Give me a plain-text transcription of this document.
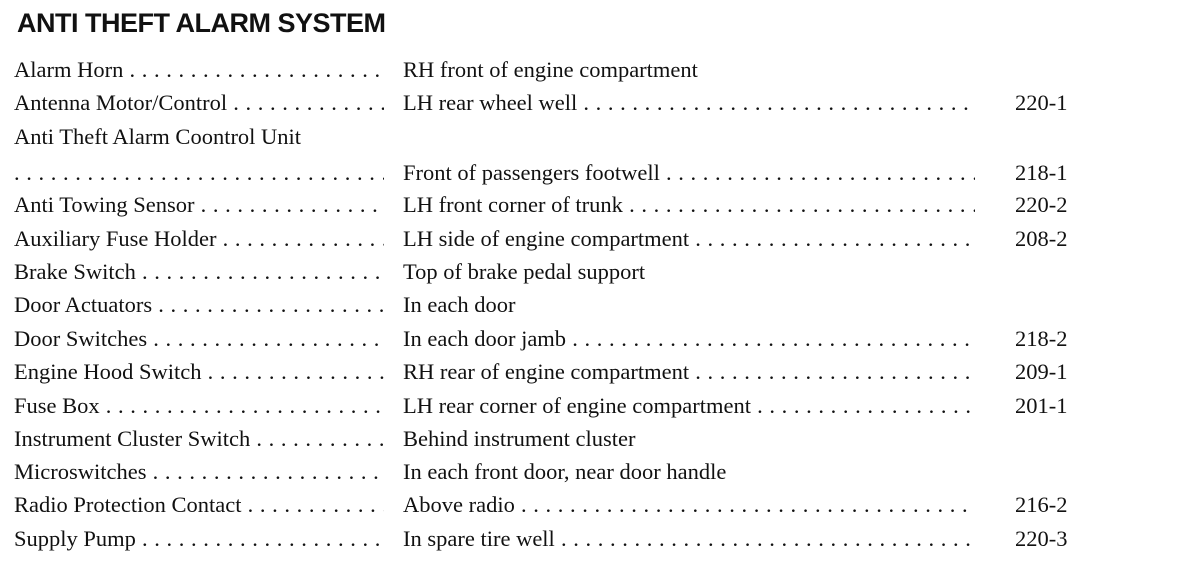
ANTI THEFT ALARM SYSTEM
Alarm Horn . . .	RH front of engine compartment
Antenna Motor/Control . . .	LH rear wheel well . . .	220-1
Anti Theft Alarm Coontrol Unit
. . .
Front of passengers footwell . . .	218-1
Anti Towing Sensor . . .	LH front corner of trunk . . .	220-2
Auxiliary Fuse Holder . . .	LH side of engine compartment . . .	208-2
Brake Switch . . .	Top of brake pedal support
Door Actuators . . .	In each door
Door Switches . . .	In each door jamb . . .	218-2
Engine Hood Switch . . .	RH rear of engine compartment . . .	209-1
Fuse Box . . .	LH rear corner of engine compartment . . .	201-1
Instrument Cluster Switch . . .	Behind instrument cluster
Microswitches . . .	In each front door, near door handle
Radio Protection Contact . . .	Above radio . . .	216-2
Supply Pump . . .	In spare tire well . . .	220-3
